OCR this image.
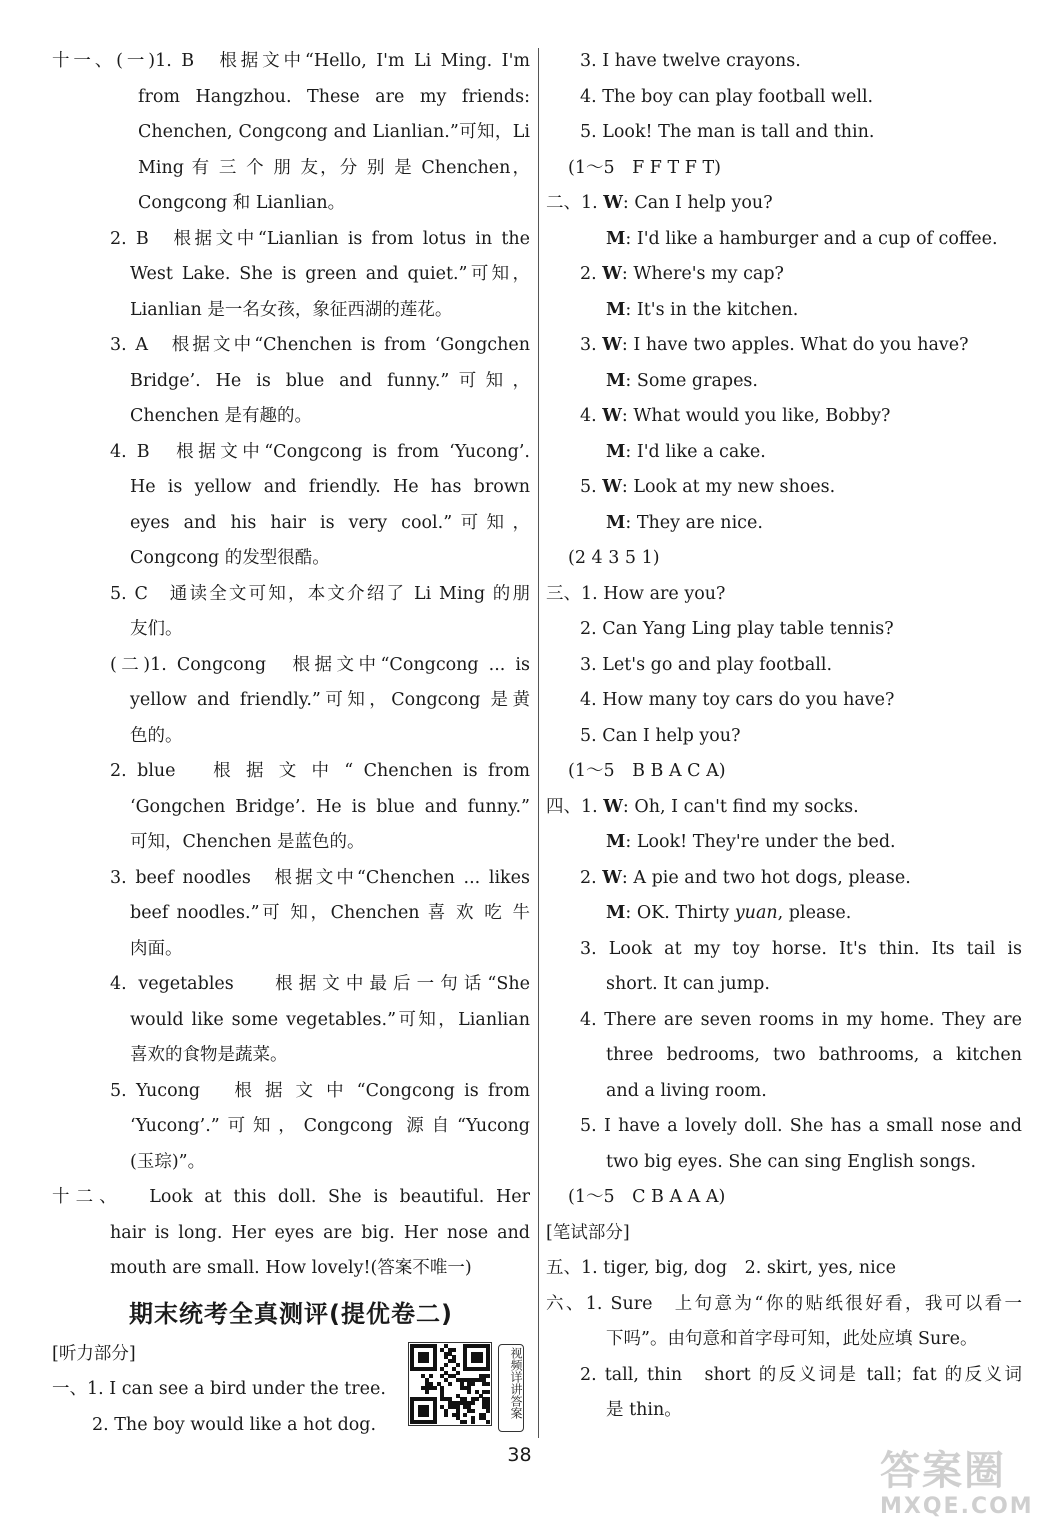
十一、(一)1. B　根据文中“Hello, I'm Li Ming. I'm
from Hangzhou. These are my friends:
Chenchen, Congcong and Lianlian.”可知，Li
Ming 有 三 个 朋 友，分 别 是 Chenchen，
Congcong 和 Lianlian。
2. B　根据文中“Lianlian is from lotus in the
West Lake. She is green and quiet.”可知，
Lianlian 是一名女孩，象征西湖的莲花。
3. A　根据文中“Chenchen is from ‘Gongchen
Bridge’. He is blue and funny.”可知，
Chenchen 是有趣的。
4. B　根据文中“Congcong is from ‘Yucong’.
He is yellow and friendly. He has brown
eyes and his hair is very cool.”可知，
Congcong 的发型很酷。
5. C　通读全文可知，本文介绍了 Li Ming 的朋
友们。
(二)1. Congcong　根据文中“Congcong ... is
yellow and friendly.”可知，Congcong 是黄
色的。
2. blue　 根 据 文 中 “ Chenchen is from
‘Gongchen Bridge’. He is blue and funny.”
可知，Chenchen 是蓝色的。
3. beef noodles　根据文中“Chenchen ... likes
beef noodles.”可 知，Chenchen 喜 欢 吃 牛
肉面。
4. vegetables　 根据文中最后一句话“She
would like some vegetables.”可知，Lianlian
喜欢的食物是蔬菜。
5. Yucong　 根 据 文 中 “Congcong is from
‘Yucong’.”可知，Congcong 源自“Yucong
(玉琮)”。
十二、　 Look at this doll. She is beautiful. Her
hair is long. Her eyes are big. Her nose and
mouth are small. How lovely!(答案不唯一)
期末统考全真测评(提优卷二)
[听力部分]
一、1. I can see a bird under the tree.
2. The boy would like a hot dog.
3. I have twelve crayons.
4. The boy can play football well.
5. Look! The man is tall and thin.
(1～5　F F T F T)
二、1. W: Can I help you?
M: I'd like a hamburger and a cup of coffee.
2. W: Where's my cap?
M: It's in the kitchen.
3. W: I have two apples. What do you have?
M: Some grapes.
4. W: What would you like, Bobby?
M: I'd like a cake.
5. W: Look at my new shoes.
M: They are nice.
(2 4 3 5 1)
三、1. How are you?
2. Can Yang Ling play table tennis?
3. Let's go and play football.
4. How many toy cars do you have?
5. Can I help you?
(1～5　B B A C A)
四、1. W: Oh, I can't find my socks.
M: Look! They're under the bed.
2. W: A pie and two hot dogs, please.
M: OK. Thirty yuan, please.
3. Look at my toy horse. It's thin. Its tail is
short. It can jump.
4. There are seven rooms in my home. They are
three bedrooms, two bathrooms, a kitchen
and a living room.
5. I have a lovely doll. She has a small nose and
two big eyes. She can sing English songs.
(1～5　C B A A A)
[笔试部分]
五、1. tiger, big, dog　2. skirt, yes, nice
六、1. Sure　上句意为“你的贴纸很好看，我可以看一
下吗”。由句意和首字母可知，此处应填 Sure。
2. tall, thin　short 的反义词是 tall；fat 的反义词
是 thin。
视频详讲答案
38	答案圈
MXQE.COM
